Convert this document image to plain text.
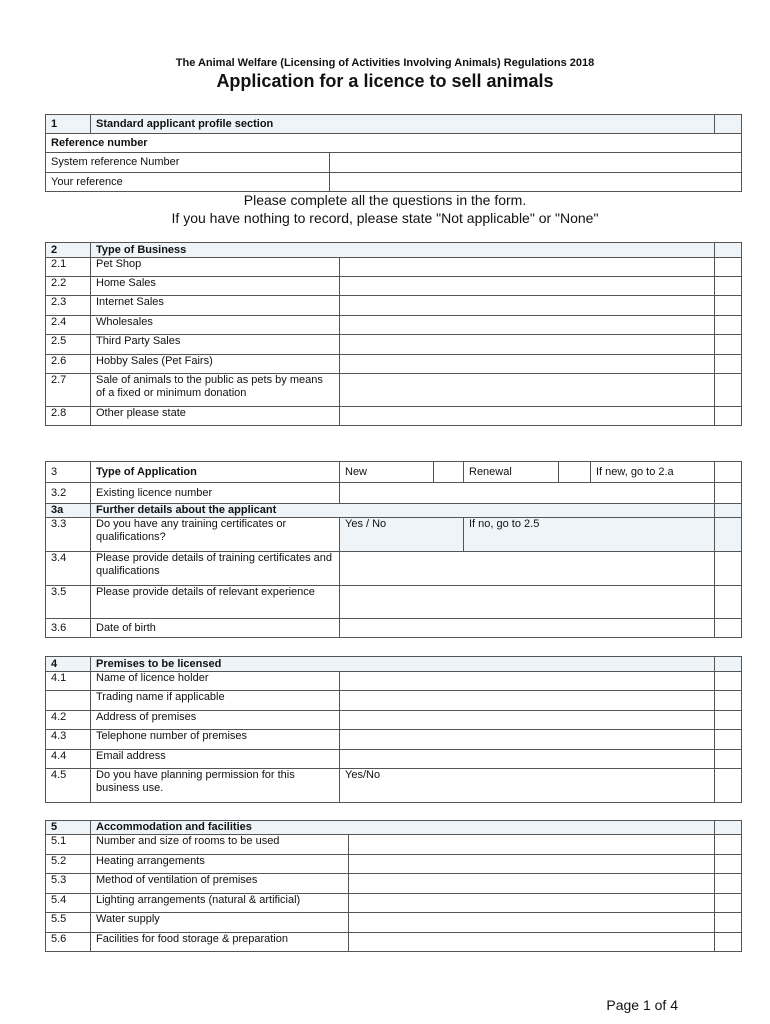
The Animal Welfare (Licensing of Activities Involving Animals) Regulations 2018
Application for a licence to sell animals
1	Standard applicant profile section		
Reference number			
System reference Number			
Your reference			
Please complete all the questions in the form.
If you have nothing to record, please state "Not applicable" or "None"
2	Type of Business		
2.1	Pet Shop		
2.2	Home Sales		
2.3	Internet Sales		
2.4	Wholesales		
2.5	Third Party Sales		
2.6	Hobby Sales (Pet Fairs)		
2.7	Sale of animals to the public as pets by means of a fixed or minimum donation		
2.8	Other please state		
3	Type of Application	New		Renewal		If new, go to 2.a	
3.2	Existing licence number						
3a	Further details about the applicant						
3.3	Do you have any training certificates or qualifications?	Yes / No		If no, go to 2.5			
3.4	Please provide details of training certificates and qualifications						
3.5	Please provide details of relevant experience						
3.6	Date of birth						
4	Premises to be licensed		
4.1	Name of licence holder		
	Trading name if applicable		
4.2	Address of premises		
4.3	Telephone number of premises		
4.4	Email address		
4.5	Do you have planning permission for this business use.	Yes/No	
5	Accommodation and facilities		
5.1	Number and size of rooms to be used		
5.2	Heating arrangements		
5.3	Method of ventilation of premises		
5.4	Lighting arrangements (natural & artificial)		
5.5	Water supply		
5.6	Facilities for food storage & preparation		
Page 1 of 4
